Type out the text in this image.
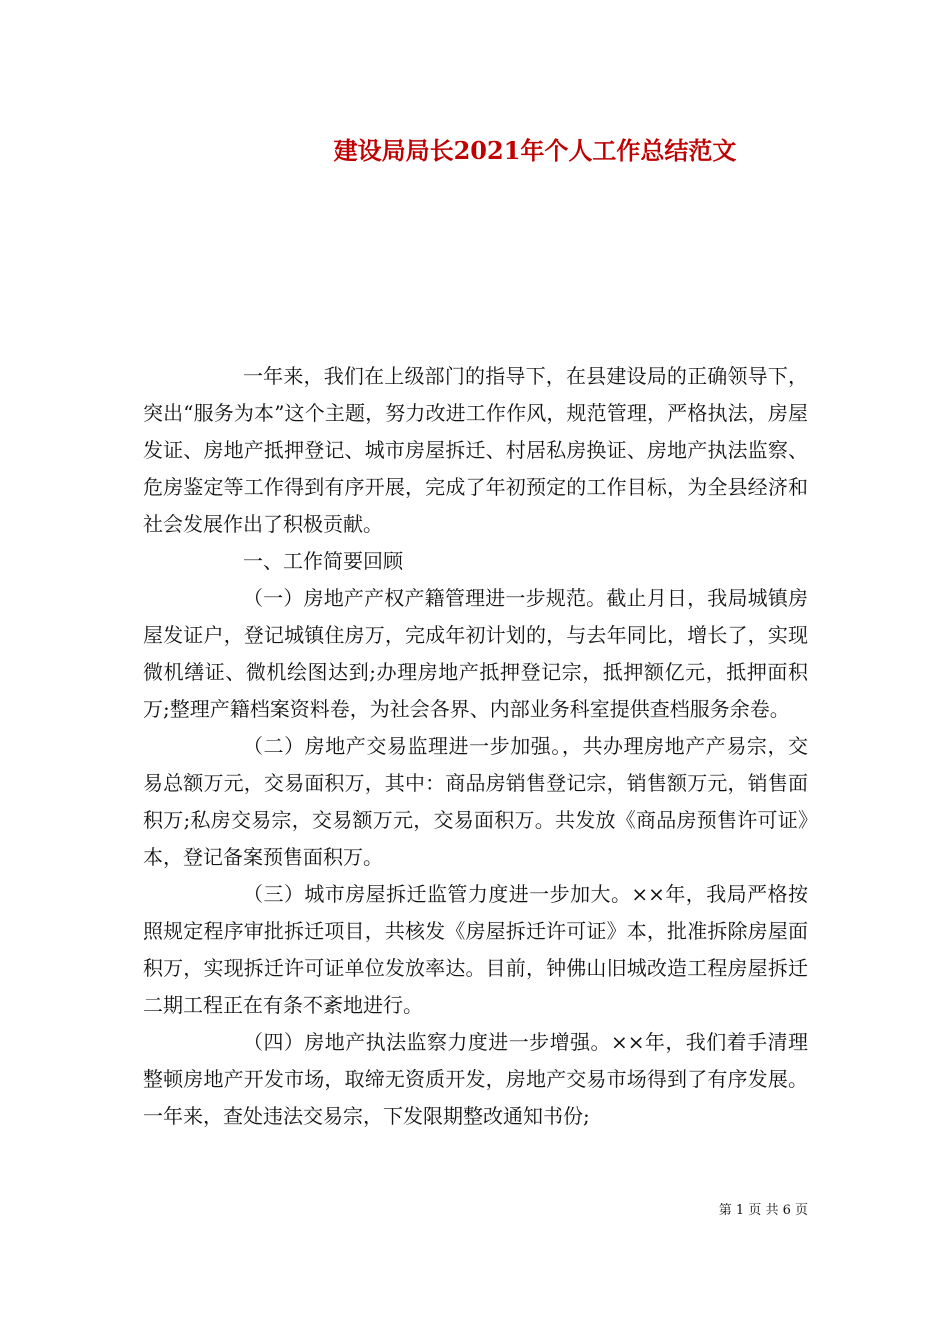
建设局局长2021年个人工作总结范文

一年来，我们在上级部门的指导下，在县建设局的正确领导下，突出“服务为本”这个主题，努力改进工作作风，规范管理，严格执法，房屋发证、房地产抵押登记、城市房屋拆迁、村居私房换证、房地产执法监察、危房鉴定等工作得到有序开展，完成了年初预定的工作目标，为全县经济和社会发展作出了积极贡献。

一、工作简要回顾

（一）房地产产权产籍管理进一步规范。截止月日，我局城镇房屋发证户，登记城镇住房万，完成年初计划的，与去年同比，增长了，实现微机缮证、微机绘图达到;办理房地产抵押登记宗，抵押额亿元，抵押面积万;整理产籍档案资料卷，为社会各界、内部业务科室提供查档服务余卷。

（二）房地产交易监理进一步加强。，共办理房地产产易宗，交易总额万元，交易面积万，其中：商品房销售登记宗，销售额万元，销售面积万;私房交易宗，交易额万元，交易面积万。共发放《商品房预售许可证》本，登记备案预售面积万。

（三）城市房屋拆迁监管力度进一步加大。××年，我局严格按照规定程序审批拆迁项目，共核发《房屋拆迁许可证》本，批准拆除房屋面积万，实现拆迁许可证单位发放率达。目前，钟佛山旧城改造工程房屋拆迁二期工程正在有条不紊地进行。

（四）房地产执法监察力度进一步增强。××年，我们着手清理整顿房地产开发市场，取缔无资质开发，房地产交易市场得到了有序发展。一年来，查处违法交易宗，下发限期整改通知书份;

第 1 页 共 6 页
